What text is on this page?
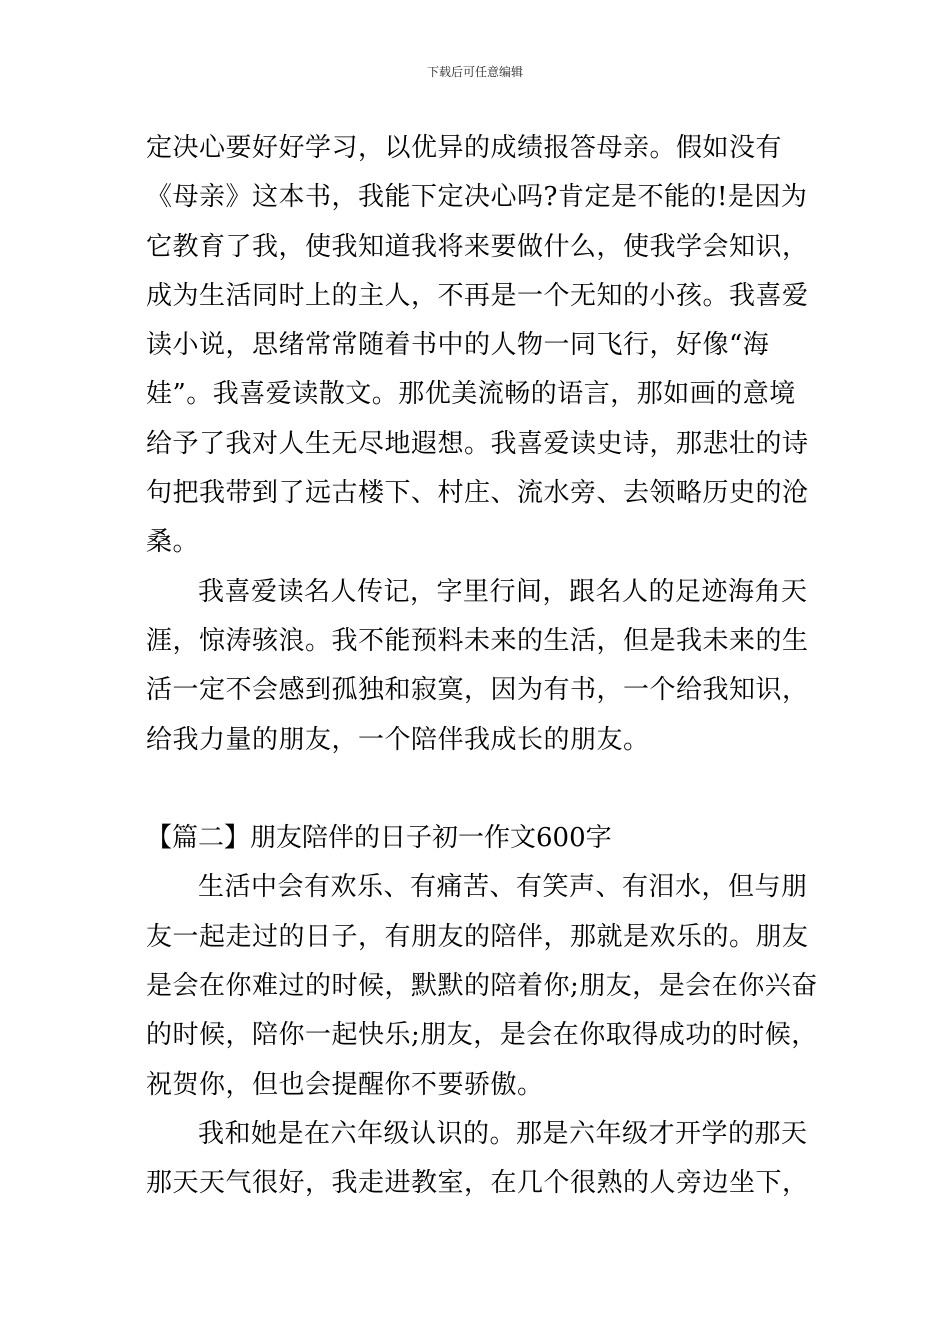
下载后可任意编辑
定决心要好好学习，以优异的成绩报答母亲。假如没有
《母亲》这本书，我能下定决心吗?肯定是不能的!是因为
它教育了我，使我知道我将来要做什么，使我学会知识，
成为生活同时上的主人，不再是一个无知的小孩。我喜爱
读小说，思绪常常随着书中的人物一同飞行，好像“海
娃”。我喜爱读散文。那优美流畅的语言，那如画的意境
给予了我对人生无尽地遐想。我喜爱读史诗，那悲壮的诗
句把我带到了远古楼下、村庄、流水旁、去领略历史的沧
桑。
我喜爱读名人传记，字里行间，跟名人的足迹海角天
涯，惊涛骇浪。我不能预料未来的生活，但是我未来的生
活一定不会感到孤独和寂寞，因为有书，一个给我知识，
给我力量的朋友，一个陪伴我成长的朋友。
【篇二】朋友陪伴的日子初一作文600字
生活中会有欢乐、有痛苦、有笑声、有泪水，但与朋
友一起走过的日子，有朋友的陪伴，那就是欢乐的。朋友
是会在你难过的时候，默默的陪着你;朋友，是会在你兴奋
的时候，陪你一起快乐;朋友，是会在你取得成功的时候，
祝贺你，但也会提醒你不要骄傲。
我和她是在六年级认识的。那是六年级才开学的那天
那天天气很好，我走进教室，在几个很熟的人旁边坐下，
